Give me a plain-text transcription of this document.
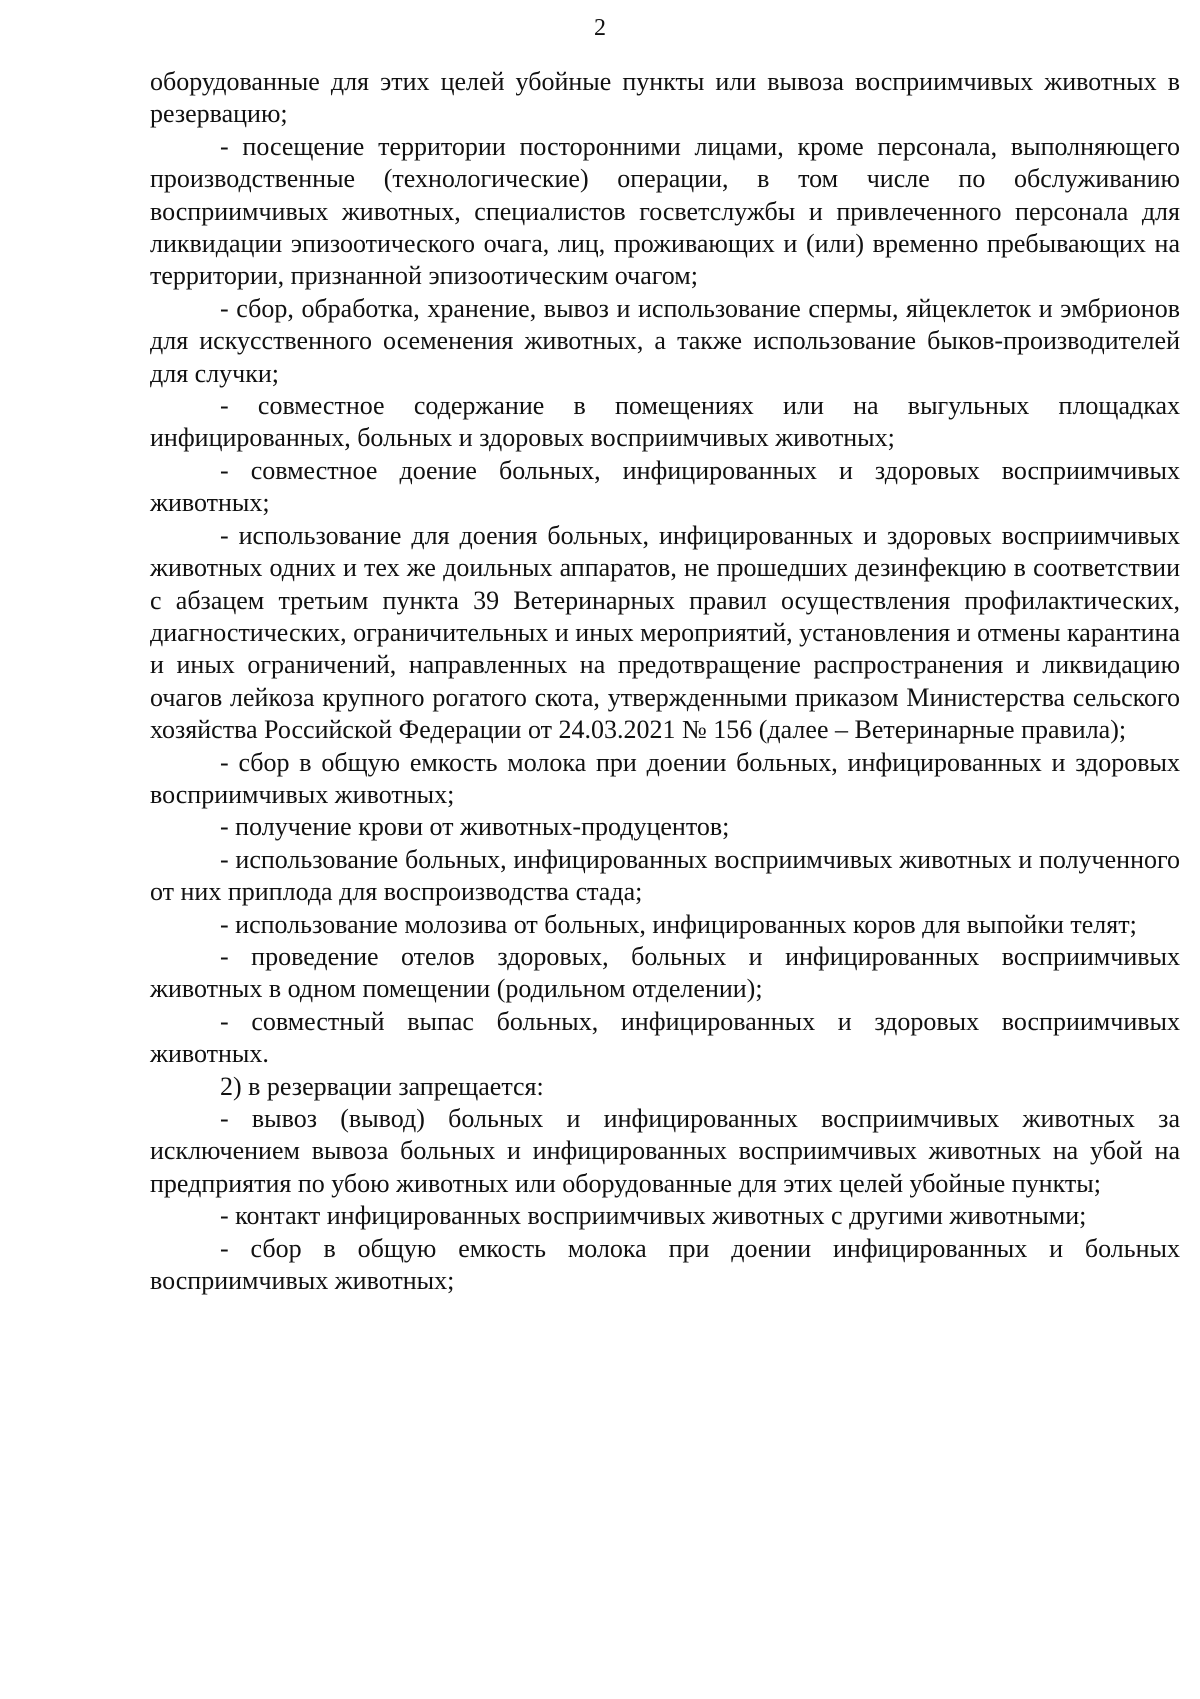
2

оборудованные для этих целей убойные пункты или вывоза восприимчивых животных в резервацию;

- посещение территории посторонними лицами, кроме персонала, выполняющего производственные (технологические) операции, в том числе по обслуживанию восприимчивых животных, специалистов госветслужбы и привлеченного персонала для ликвидации эпизоотического очага, лиц, проживающих и (или) временно пребывающих на территории, признанной эпизоотическим очагом;

- сбор, обработка, хранение, вывоз и использование спермы, яйцеклеток и эмбрионов для искусственного осеменения животных, а также использование быков-производителей для случки;

- совместное содержание в помещениях или на выгульных площадках инфицированных, больных и здоровых восприимчивых животных;

- совместное доение больных, инфицированных и здоровых восприимчивых животных;

- использование для доения больных, инфицированных и здоровых восприимчивых животных одних и тех же доильных аппаратов, не прошедших дезинфекцию в соответствии с абзацем третьим пункта 39 Ветеринарных правил осуществления профилактических, диагностических, ограничительных и иных мероприятий, установления и отмены карантина и иных ограничений, направленных на предотвращение распространения и ликвидацию очагов лейкоза крупного рогатого скота, утвержденными приказом Министерства сельского хозяйства Российской Федерации от 24.03.2021 № 156 (далее – Ветеринарные правила);

- сбор в общую емкость молока при доении больных, инфицированных и здоровых восприимчивых животных;

- получение крови от животных-продуцентов;

- использование больных, инфицированных восприимчивых животных и полученного от них приплода для воспроизводства стада;

- использование молозива от больных, инфицированных коров для выпойки телят;

- проведение отелов здоровых, больных и инфицированных восприимчивых животных в одном помещении (родильном отделении);

- совместный выпас больных, инфицированных и здоровых восприимчивых животных.

2) в резервации запрещается:

- вывоз (вывод) больных и инфицированных восприимчивых животных за исключением вывоза больных и инфицированных восприимчивых животных на убой на предприятия по убою животных или оборудованные для этих целей убойные пункты;

- контакт инфицированных восприимчивых животных с другими животными;

- сбор в общую емкость молока при доении инфицированных и больных восприимчивых животных;
